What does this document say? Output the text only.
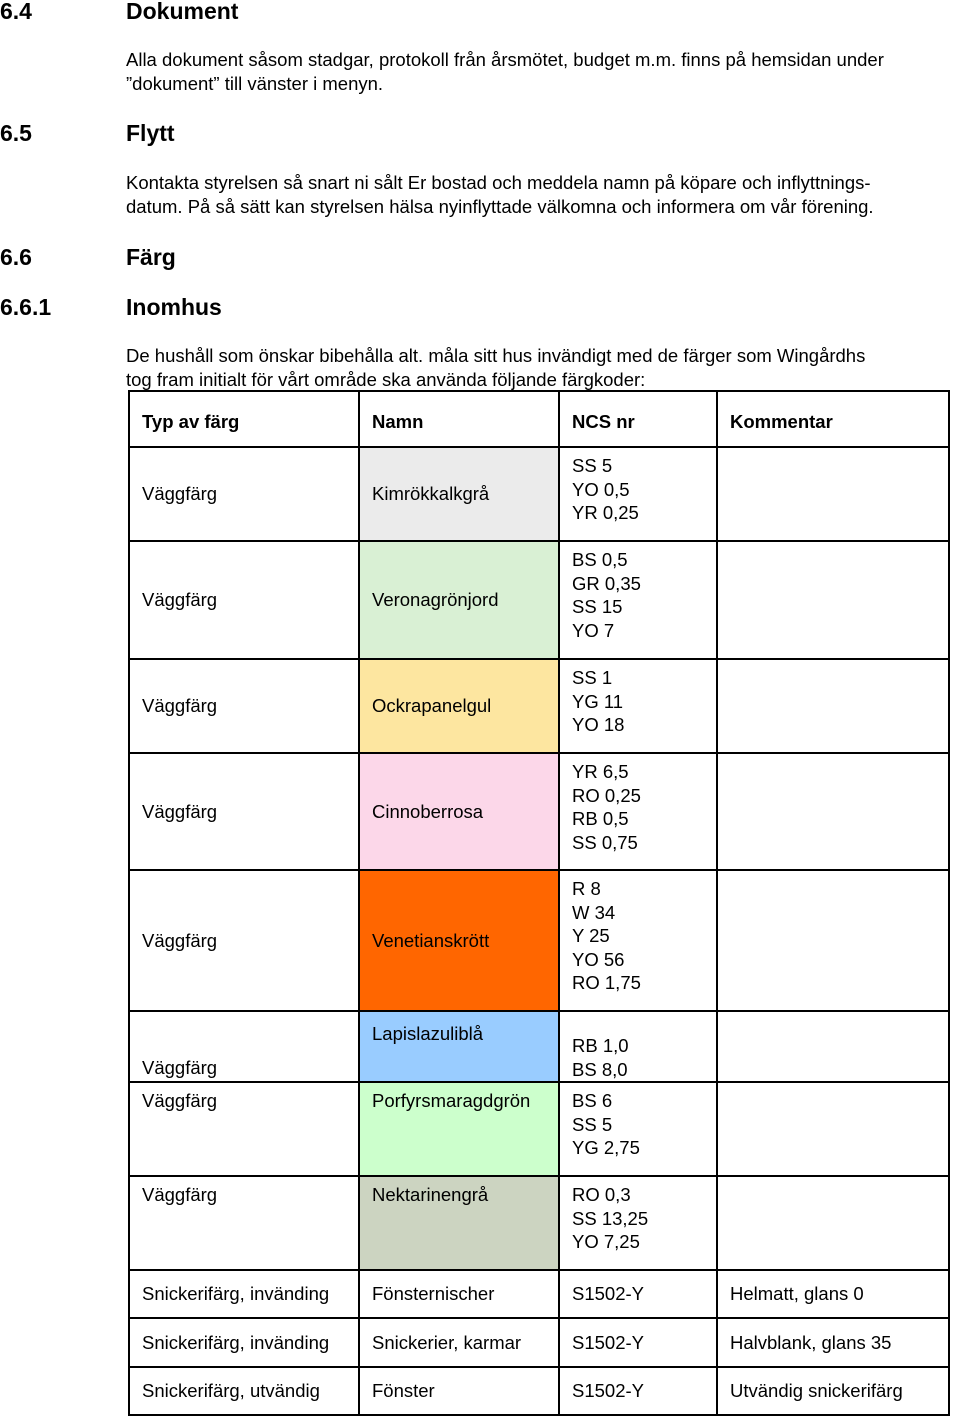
6.4	Dokument

Alla dokument såsom stadgar, protokoll från årsmötet, budget m.m. finns på hemsidan under
”dokument” till vänster i menyn.

6.5	Flytt

Kontakta styrelsen så snart ni sålt Er bostad och meddela namn på köpare och inflyttnings-
datum. På så sätt kan styrelsen hälsa nyinflyttade välkomna och informera om vår förening.

6.6	Färg
6.6.1	Inomhus

De hushåll som önskar bibehålla alt. måla sitt hus invändigt med de färger som Wingårdhs
tog fram initialt för vårt område ska använda följande färgkoder:

Typ av färg	Namn	NCS nr	Kommentar
Väggfärg	Kimrökkalkgrå	SS 5
YO 0,5
YR 0,25	

Väggfärg	Veronagrönjord	BS 0,5
GR 0,35
SS 15
YO 7	

Väggfärg	Ockrapanelgul	SS 1
YG 11
YO 18	

Väggfärg	Cinnoberrosa	YR 6,5
RO 0,25
RB 0,5
SS 0,75	

Väggfärg	Venetianskrött	R 8
W 34
Y 25
YO 56
RO 1,75	

Väggfärg	Lapislazuliblå	RB 1,0
BS 8,0	

Väggfärg	Porfyrsmaragdgrön	BS 6
SS 5
YG 2,75	

Väggfärg	Nektarinengrå	RO 0,3
SS 13,25
YO 7,25	

Snickerifärg, invänding	Fönsternischer	S1502-Y	Helmatt, glans 0
Snickerifärg, invänding	Snickerier, karmar	S1502-Y	Halvblank, glans 35
Snickerifärg, utvändig	Fönster	S1502-Y	Utvändig snickerifärg
